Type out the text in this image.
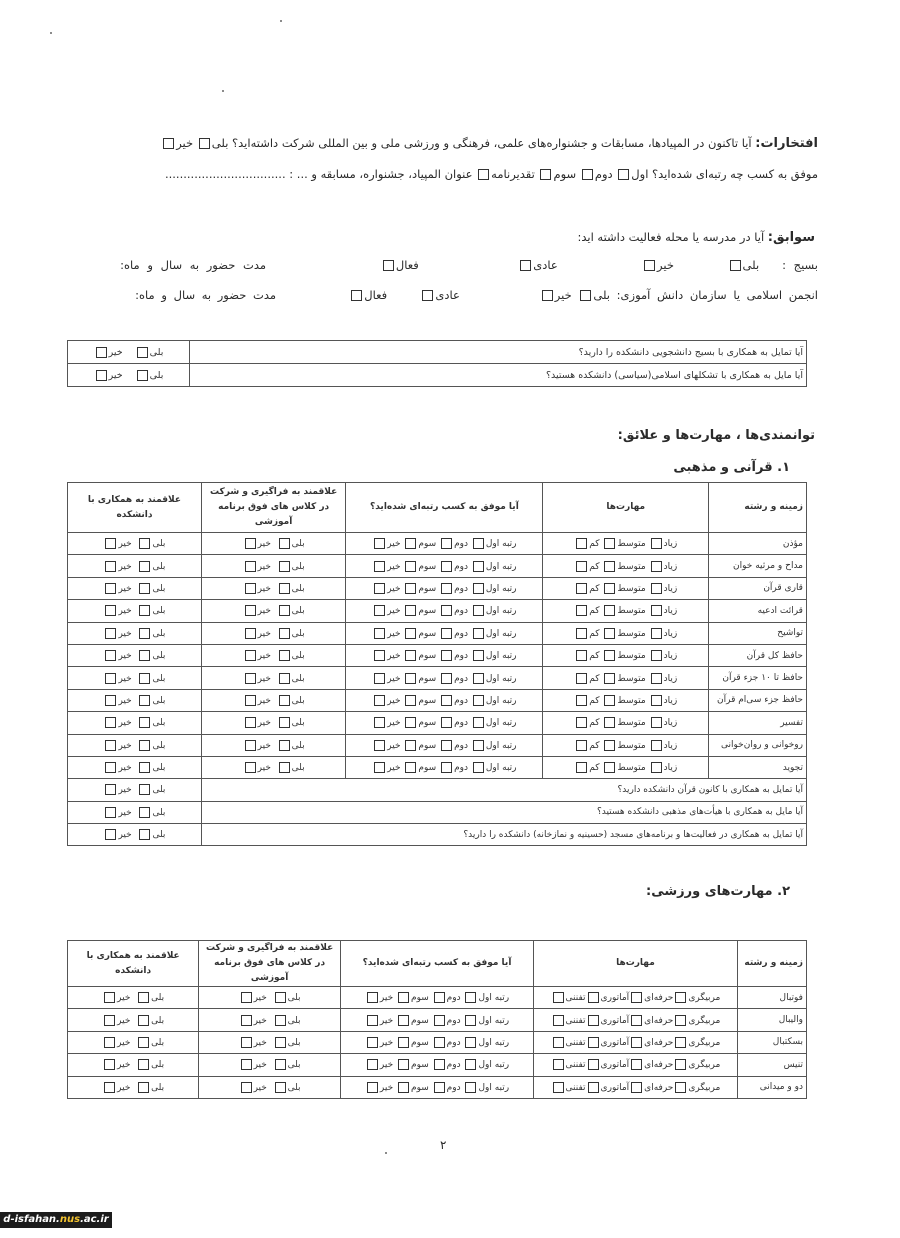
افتخارات: آیا تاکنون در المپیادها، مسابقات و جشنواره‌های علمی، فرهنگی و ورزشی ملی و بین المللی شرکت داشته‌اید؟ بلی خیر
موفق به کسب چه رتبه‌ای شده‌اید؟ اول دوم سوم تقدیرنامه عنوان المپیاد، جشنواره، مسابقه و ... : .................................
سوابق: آیا در مدرسه یا محله فعالیت داشته اید:
بسیج :   بلی       خیر           عادی             فعال               مدت حضور به سال و ماه:
انجمن اسلامی یا سازمان دانش آموزی: بلی خیر            عادی     فعال           مدت حضور به سال و ماه:
آیا تمایل به همکاری با بسیج دانشجویی دانشکده را دارید؟	بلی    خیر
آیا مایل به همکاری با تشکلهای اسلامی(سیاسی) دانشکده هستید؟	بلی    خیر
توانمندی‌ها ، مهارت‌ها و علائق:
۱. قرآنی و مذهبی
زمینه و رشته	مهارت‌ها	آیا موفق به کسب رتبه‌ای شده‌اید؟	علاقمند به فراگیری و شرکت در کلاس های فوق برنامه آموزشی	علاقمند به همکاری با دانشکده
مؤذن	زیاد متوسط کم	رتبه اول دوم سوم خیر	بلی  خیر	بلی  خیر
مداح و مرثیه خوان	زیاد متوسط کم	رتبه اول دوم سوم خیر	بلی  خیر	بلی  خیر
قاری قرآن	زیاد متوسط کم	رتبه اول دوم سوم خیر	بلی  خیر	بلی  خیر
قرائت ادعیه	زیاد متوسط کم	رتبه اول دوم سوم خیر	بلی  خیر	بلی  خیر
تواشیح	زیاد متوسط کم	رتبه اول دوم سوم خیر	بلی  خیر	بلی  خیر
حافظ کل قرآن	زیاد متوسط کم	رتبه اول دوم سوم خیر	بلی  خیر	بلی  خیر
حافظ تا ۱۰ جزء قرآن	زیاد متوسط کم	رتبه اول دوم سوم خیر	بلی  خیر	بلی  خیر
حافظ جزء سی‌ام قرآن	زیاد متوسط کم	رتبه اول دوم سوم خیر	بلی  خیر	بلی  خیر
تفسیر	زیاد متوسط کم	رتبه اول دوم سوم خیر	بلی  خیر	بلی  خیر
روخوانی و روان‌خوانی	زیاد متوسط کم	رتبه اول دوم سوم خیر	بلی  خیر	بلی  خیر
تجوید	زیاد متوسط کم	رتبه اول دوم سوم خیر	بلی  خیر	بلی  خیر
آیا تمایل به همکاری با کانون قرآن دانشکده دارید؟				بلی  خیر
آیا مایل به همکاری با هیأت‌های مذهبی دانشکده هستید؟				بلی  خیر
آیا تمایل به همکاری در فعالیت‌ها و برنامه‌های مسجد (حسینیه و نمازخانه) دانشکده را دارید؟				بلی  خیر
۲. مهارت‌های ورزشی:
زمینه و رشته	مهارت‌ها	آیا موفق به کسب رتبه‌ای شده‌اید؟	علاقمند به فراگیری و شرکت در کلاس های فوق برنامه آموزشی	علاقمند به همکاری با دانشکده
فوتبال	مربیگریحرفه‌ایآماتوریتفننی	رتبه اول دوم سوم خیر	بلی  خیر	بلی  خیر
والیبال	مربیگریحرفه‌ایآماتوریتفننی	رتبه اول دوم سوم خیر	بلی  خیر	بلی  خیر
بسکتبال	مربیگریحرفه‌ایآماتوریتفننی	رتبه اول دوم سوم خیر	بلی  خیر	بلی  خیر
تنیس	مربیگریحرفه‌ایآماتوریتفننی	رتبه اول دوم سوم خیر	بلی  خیر	بلی  خیر
دو و میدانی	مربیگریحرفه‌ایآماتوریتفننی	رتبه اول دوم سوم خیر	بلی  خیر	بلی  خیر
۲
d-isfahan.nus.ac.ir
